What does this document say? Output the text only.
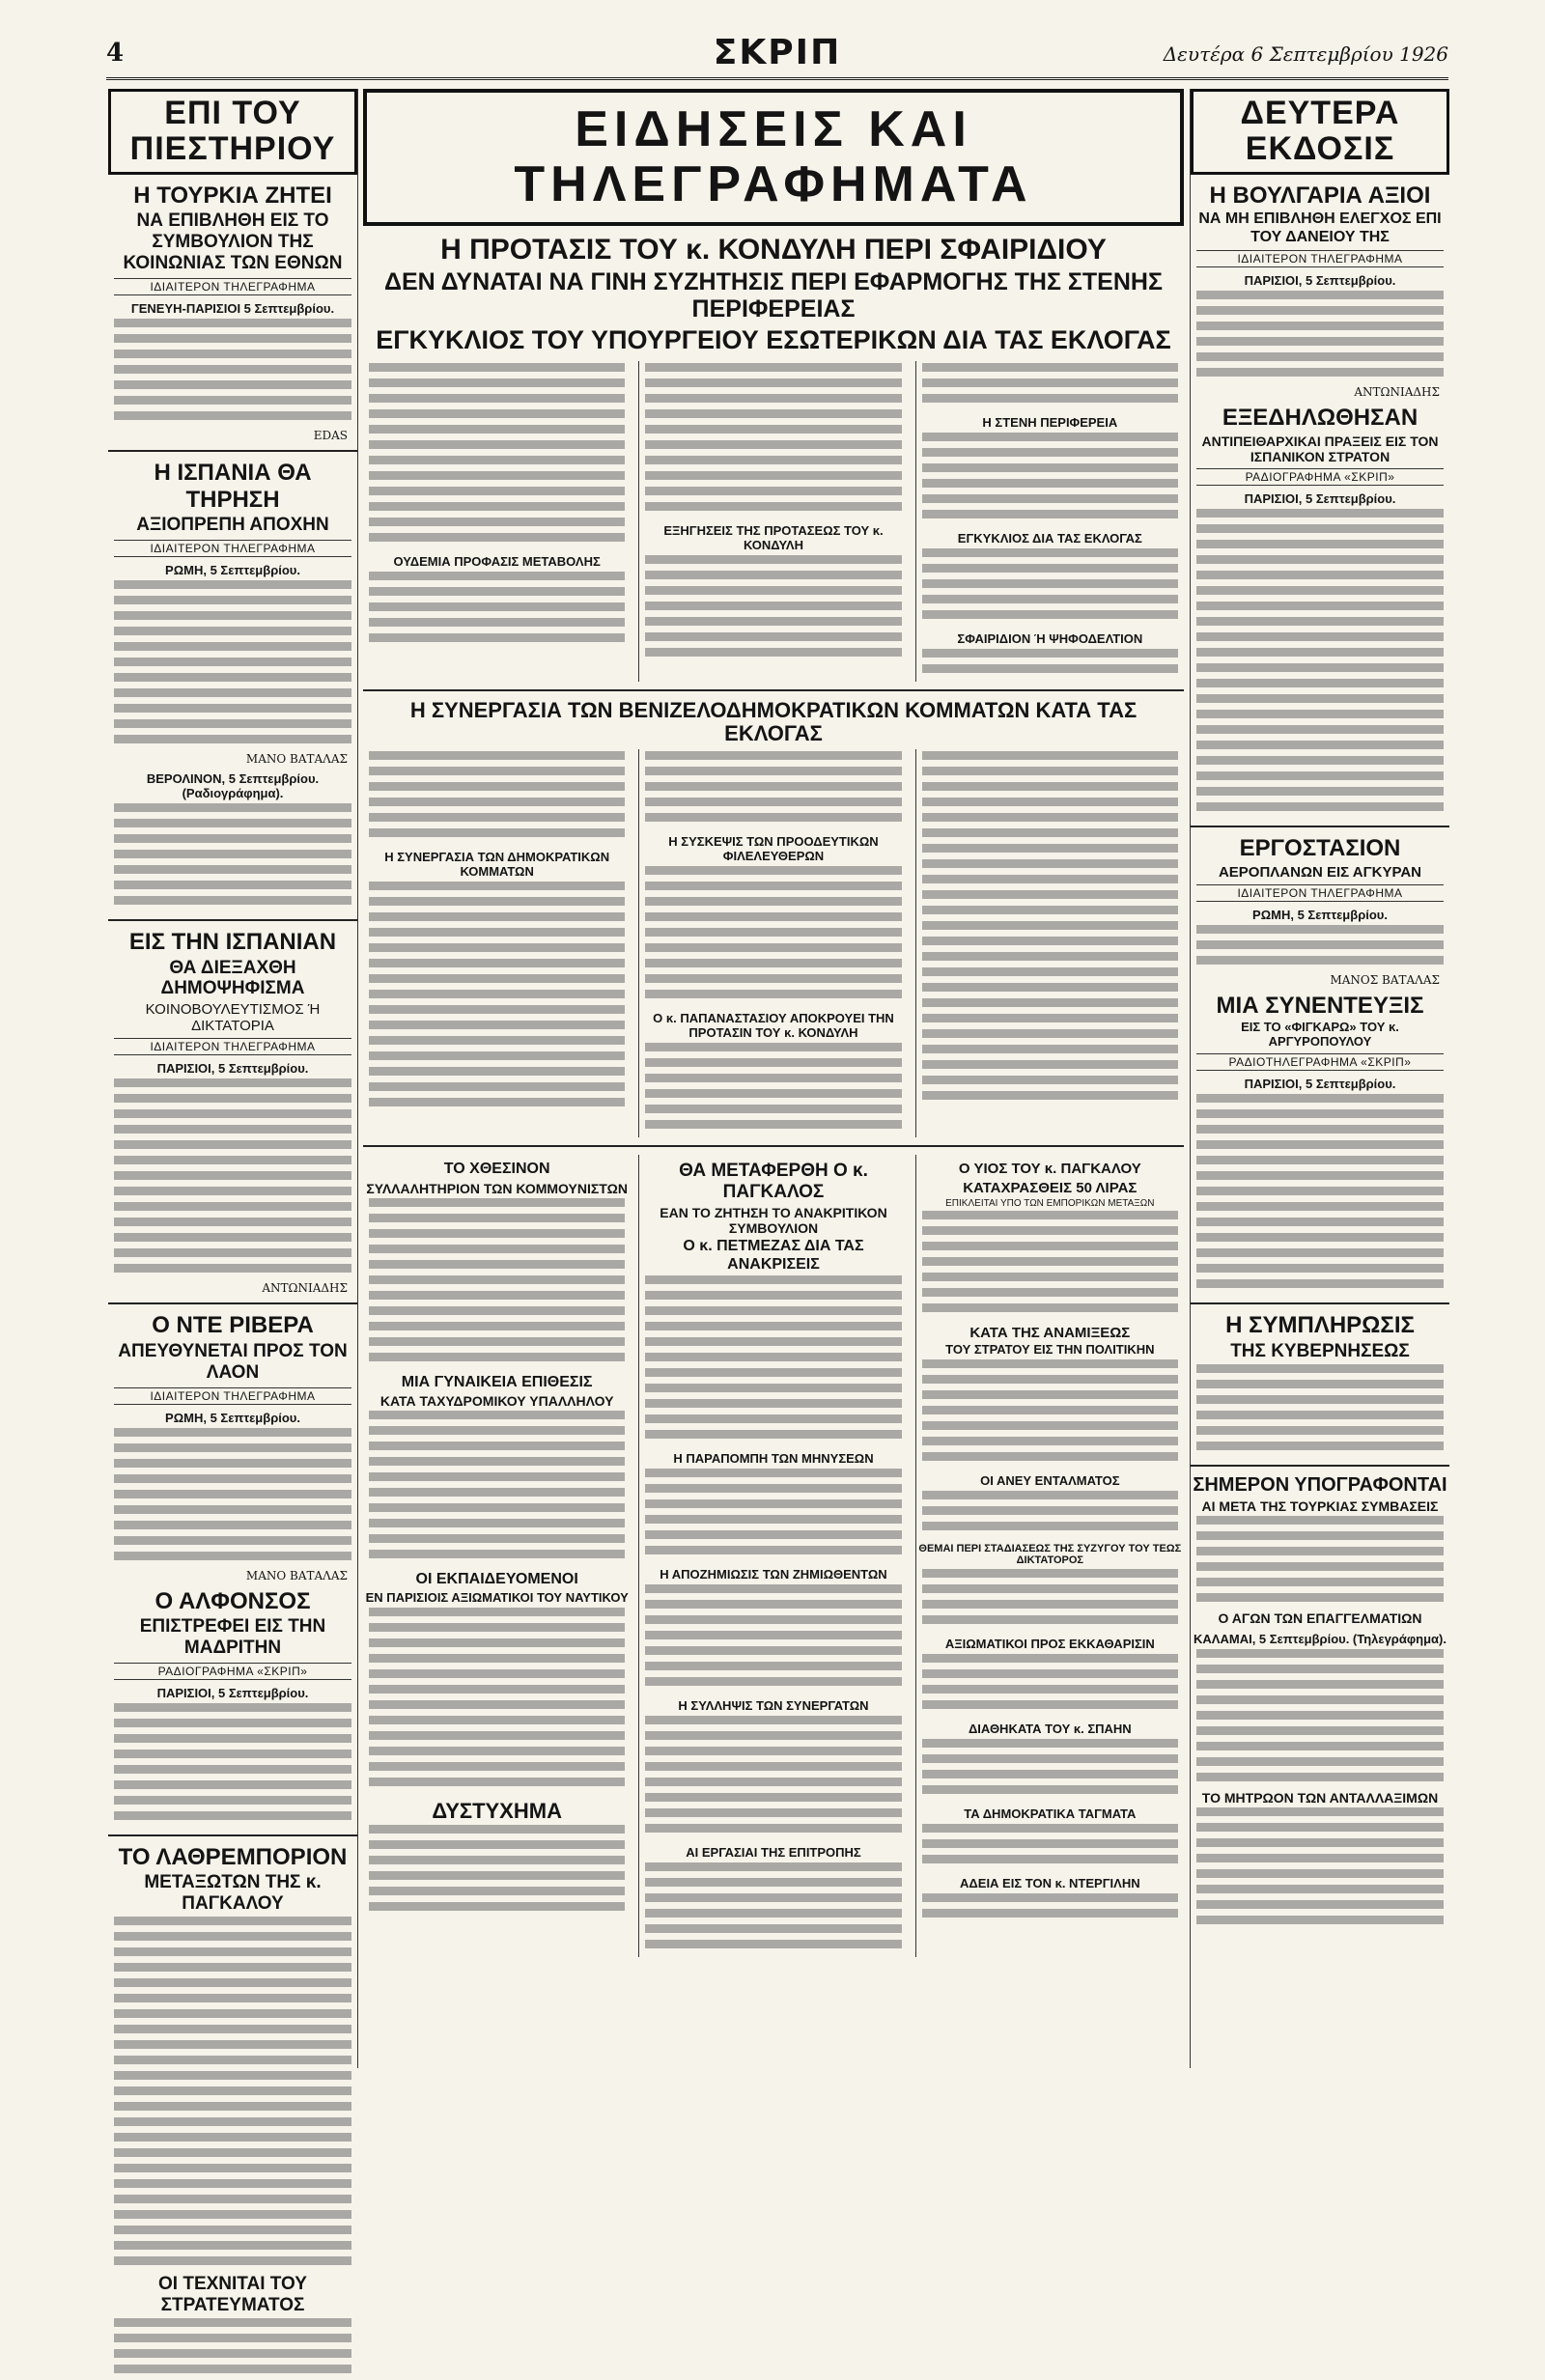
4	ΣΚΡΙΠ	Δευτέρα 6 Σεπτεμβρίου 1926
ΕΠΙ ΤΟΥ ΠΙΕΣΤΗΡΙΟΥ
Η ΤΟΥΡΚΙΑ ΖΗΤΕΙ
ΝΑ ΕΠΙΒΛΗΘΗ ΕΙΣ ΤΟ ΣΥΜΒΟΥΛΙΟΝ ΤΗΣ ΚΟΙΝΩΝΙΑΣ ΤΩΝ ΕΘΝΩΝ
ΙΔΙΑΙΤΕΡΟΝ ΤΗΛΕΓΡΑΦΗΜΑ
ΓΕΝΕΥΗ-ΠΑΡΙΣΙΟΙ 5 Σεπτεμβρίου.
EDAS
Η ΙΣΠΑΝΙΑ ΘΑ ΤΗΡΗΣΗ
ΑΞΙΟΠΡΕΠΗ ΑΠΟΧΗΝ
ΙΔΙΑΙΤΕΡΟΝ ΤΗΛΕΓΡΑΦΗΜΑ
ΡΩΜΗ, 5 Σεπτεμβρίου.
ΜΑΝΟ ΒΑΤΑΛΑΣ
ΒΕΡΟΛΙΝΟΝ, 5 Σεπτεμβρίου. (Ραδιογράφημα).
ΕΙΣ ΤΗΝ ΙΣΠΑΝΙΑΝ
ΘΑ ΔΙΕΞΑΧΘΗ ΔΗΜΟΨΗΦΙΣΜΑ
ΚΟΙΝΟΒΟΥΛΕΥΤΙΣΜΟΣ Ή ΔΙΚΤΑΤΟΡΙΑ
ΙΔΙΑΙΤΕΡΟΝ ΤΗΛΕΓΡΑΦΗΜΑ
ΠΑΡΙΣΙΟΙ, 5 Σεπτεμβρίου.
ΑΝΤΩΝΙΑΔΗΣ
Ο ΝΤΕ ΡΙΒΕΡΑ
ΑΠΕΥΘΥΝΕΤΑΙ ΠΡΟΣ ΤΟΝ ΛΑΟΝ
ΙΔΙΑΙΤΕΡΟΝ ΤΗΛΕΓΡΑΦΗΜΑ
ΡΩΜΗ, 5 Σεπτεμβρίου.
ΜΑΝΟ ΒΑΤΑΛΑΣ
Ο ΑΛΦΟΝΣΟΣ
ΕΠΙΣΤΡΕΦΕΙ ΕΙΣ ΤΗΝ ΜΑΔΡΙΤΗΝ
ΡΑΔΙΟΓΡΑΦΗΜΑ «ΣΚΡΙΠ»
ΠΑΡΙΣΙΟΙ, 5 Σεπτεμβρίου.
ΤΟ ΛΑΘΡΕΜΠΟΡΙΟΝ
ΜΕΤΑΞΩΤΩΝ ΤΗΣ κ. ΠΑΓΚΑΛΟΥ
ΟΙ ΤΕΧΝΙΤΑΙ ΤΟΥ ΣΤΡΑΤΕΥΜΑΤΟΣ
ΕΙΔΗΣΕΙΣ ΚΑΙ ΤΗΛΕΓΡΑΦΗΜΑΤΑ
Η ΠΡΟΤΑΣΙΣ ΤΟΥ κ. ΚΟΝΔΥΛΗ ΠΕΡΙ ΣΦΑΙΡΙΔΙΟΥ
ΔΕΝ ΔΥΝΑΤΑΙ ΝΑ ΓΙΝΗ ΣΥΖΗΤΗΣΙΣ ΠΕΡΙ ΕΦΑΡΜΟΓΗΣ ΤΗΣ ΣΤΕΝΗΣ ΠΕΡΙΦΕΡΕΙΑΣ
ΕΓΚΥΚΛΙΟΣ ΤΟΥ ΥΠΟΥΡΓΕΙΟΥ ΕΣΩΤΕΡΙΚΩΝ ΔΙΑ ΤΑΣ ΕΚΛΟΓΑΣ
ΟΥΔΕΜΙΑ ΠΡΟΦΑΣΙΣ ΜΕΤΑΒΟΛΗΣ
ΕΞΗΓΗΣΕΙΣ ΤΗΣ ΠΡΟΤΑΣΕΩΣ ΤΟΥ κ. ΚΟΝΔΥΛΗ
Η ΣΤΕΝΗ ΠΕΡΙΦΕΡΕΙΑ
ΕΓΚΥΚΛΙΟΣ ΔΙΑ ΤΑΣ ΕΚΛΟΓΑΣ
ΣΦΑΙΡΙΔΙΟΝ Ή ΨΗΦΟΔΕΛΤΙΟΝ
Η ΣΥΝΕΡΓΑΣΙΑ ΤΩΝ ΒΕΝΙΖΕΛΟΔΗΜΟΚΡΑΤΙΚΩΝ ΚΟΜΜΑΤΩΝ ΚΑΤΑ ΤΑΣ ΕΚΛΟΓΑΣ
Η ΣΥΝΕΡΓΑΣΙΑ ΤΩΝ ΔΗΜΟΚΡΑΤΙΚΩΝ ΚΟΜΜΑΤΩΝ
Η ΣΥΣΚΕΨΙΣ ΤΩΝ ΠΡΟΟΔΕΥΤΙΚΩΝ ΦΙΛΕΛΕΥΘΕΡΩΝ
Ο κ. ΠΑΠΑΝΑΣΤΑΣΙΟΥ ΑΠΟΚΡΟΥΕΙ ΤΗΝ ΠΡΟΤΑΣΙΝ ΤΟΥ κ. ΚΟΝΔΥΛΗ
ΤΟ ΧΘΕΣΙΝΟΝ
ΣΥΛΛΑΛΗΤΗΡΙΟΝ ΤΩΝ ΚΟΜΜΟΥΝΙΣΤΩΝ
ΜΙΑ ΓΥΝΑΙΚΕΙΑ ΕΠΙΘΕΣΙΣ
ΚΑΤΑ ΤΑΧΥΔΡΟΜΙΚΟΥ ΥΠΑΛΛΗΛΟΥ
ΟΙ ΕΚΠΑΙΔΕΥΟΜΕΝΟΙ
ΕΝ ΠΑΡΙΣΙΟΙΣ ΑΞΙΩΜΑΤΙΚΟΙ ΤΟΥ ΝΑΥΤΙΚΟΥ
ΔΥΣΤΥΧΗΜΑ
ΘΑ ΜΕΤΑΦΕΡΘΗ Ο κ. ΠΑΓΚΑΛΟΣ
ΕΑΝ ΤΟ ΖΗΤΗΣΗ ΤΟ ΑΝΑΚΡΙΤΙΚΟΝ ΣΥΜΒΟΥΛΙΟΝ
Ο κ. ΠΕΤΜΕΖΑΣ ΔΙΑ ΤΑΣ ΑΝΑΚΡΙΣΕΙΣ
Η ΠΑΡΑΠΟΜΠΗ ΤΩΝ ΜΗΝΥΣΕΩΝ
Η ΑΠΟΖΗΜΙΩΣΙΣ ΤΩΝ ΖΗΜΙΩΘΕΝΤΩΝ
Η ΣΥΛΛΗΨΙΣ ΤΩΝ ΣΥΝΕΡΓΑΤΩΝ
ΑΙ ΕΡΓΑΣΙΑΙ ΤΗΣ ΕΠΙΤΡΟΠΗΣ
Ο ΥΙΟΣ ΤΟΥ κ. ΠΑΓΚΑΛΟΥ
ΚΑΤΑΧΡΑΣΘΕΙΣ 50 ΛΙΡΑΣ
ΕΠΙΚΛΕΙΤΑΙ ΥΠΟ ΤΩΝ ΕΜΠΟΡΙΚΩΝ ΜΕΤΑΞΩΝ
ΚΑΤΑ ΤΗΣ ΑΝΑΜΙΞΕΩΣ
ΤΟΥ ΣΤΡΑΤΟΥ ΕΙΣ ΤΗΝ ΠΟΛΙΤΙΚΗΝ
ΟΙ ΑΝΕΥ ΕΝΤΑΛΜΑΤΟΣ
ΘΕΜΑΙ ΠΕΡΙ ΣΤΑΔΙΑΣΕΩΣ ΤΗΣ ΣΥΖΥΓΟΥ ΤΟΥ ΤΕΩΣ ΔΙΚΤΑΤΟΡΟΣ
ΑΞΙΩΜΑΤΙΚΟΙ ΠΡΟΣ ΕΚΚΑΘΑΡΙΣΙΝ
ΔΙΑΘΗΚΑΤΑ ΤΟΥ κ. ΣΠΑΗΝ
ΤΑ ΔΗΜΟΚΡΑΤΙΚΑ ΤΑΓΜΑΤΑ
ΑΔΕΙΑ ΕΙΣ ΤΟΝ κ. ΝΤΕΡΓΙΛΗΝ
ΔΕΥΤΕΡΑ ΕΚΔΟΣΙΣ
Η ΒΟΥΛΓΑΡΙΑ ΑΞΙΟΙ
ΝΑ ΜΗ ΕΠΙΒΛΗΘΗ ΕΛΕΓΧΟΣ ΕΠΙ ΤΟΥ ΔΑΝΕΙΟΥ ΤΗΣ
ΙΔΙΑΙΤΕΡΟΝ ΤΗΛΕΓΡΑΦΗΜΑ
ΠΑΡΙΣΙΟΙ, 5 Σεπτεμβρίου.
ΑΝΤΩΝΙΑΔΗΣ
ΕΞΕΔΗΛΩΘΗΣΑΝ
ΑΝΤΙΠΕΙΘΑΡΧΙΚΑΙ ΠΡΑΞΕΙΣ ΕΙΣ ΤΟΝ ΙΣΠΑΝΙΚΟΝ ΣΤΡΑΤΟΝ
ΡΑΔΙΟΓΡΑΦΗΜΑ «ΣΚΡΙΠ»
ΠΑΡΙΣΙΟΙ, 5 Σεπτεμβρίου.
ΕΡΓΟΣΤΑΣΙΟΝ
ΑΕΡΟΠΛΑΝΩΝ ΕΙΣ ΑΓΚΥΡΑΝ
ΙΔΙΑΙΤΕΡΟΝ ΤΗΛΕΓΡΑΦΗΜΑ
ΡΩΜΗ, 5 Σεπτεμβρίου.
ΜΑΝΟΣ ΒΑΤΑΛΑΣ
ΜΙΑ ΣΥΝΕΝΤΕΥΞΙΣ
ΕΙΣ ΤΟ «ΦΙΓΚΑΡΩ» ΤΟΥ κ. ΑΡΓΥΡΟΠΟΥΛΟΥ
ΡΑΔΙΟΤΗΛΕΓΡΑΦΗΜΑ «ΣΚΡΙΠ»
ΠΑΡΙΣΙΟΙ, 5 Σεπτεμβρίου.
Η ΣΥΜΠΛΗΡΩΣΙΣ
ΤΗΣ ΚΥΒΕΡΝΗΣΕΩΣ
ΣΗΜΕΡΟΝ ΥΠΟΓΡΑΦΟΝΤΑΙ
ΑΙ ΜΕΤΑ ΤΗΣ ΤΟΥΡΚΙΑΣ ΣΥΜΒΑΣΕΙΣ
Ο ΑΓΩΝ ΤΩΝ ΕΠΑΓΓΕΛΜΑΤΙΩΝ
ΚΑΛΑΜΑΙ, 5 Σεπτεμβρίου. (Τηλεγράφημα).
ΤΟ ΜΗΤΡΩΟΝ ΤΩΝ ΑΝΤΑΛΛΑΞΙΜΩΝ
